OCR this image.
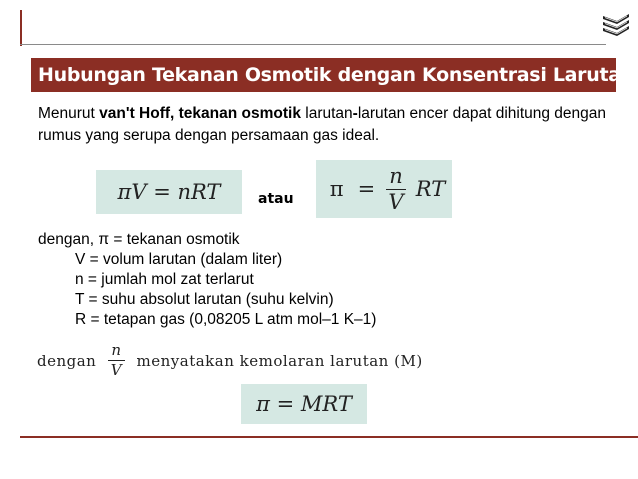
Hubungan Tekanan Osmotik dengan Konsentrasi Larutan
Menurut van't Hoff, tekanan osmotik larutan-larutan encer dapat dihitung dengan rumus yang serupa dengan persamaan gas ideal.
πV = nRT	atau $\pi = \frac{n}{V}$ RT
dengan, π = tekanan osmotik
V = volum larutan (dalam liter)
n = jumlah mol zat terlarut
T = suhu absolut larutan (suhu kelvin)
R = tetapan gas (0,08205 L atm mol–1 K–1)
dengan $\frac{n}{V}$ menyatakan kemolaran larutan (M)
π = MRT
